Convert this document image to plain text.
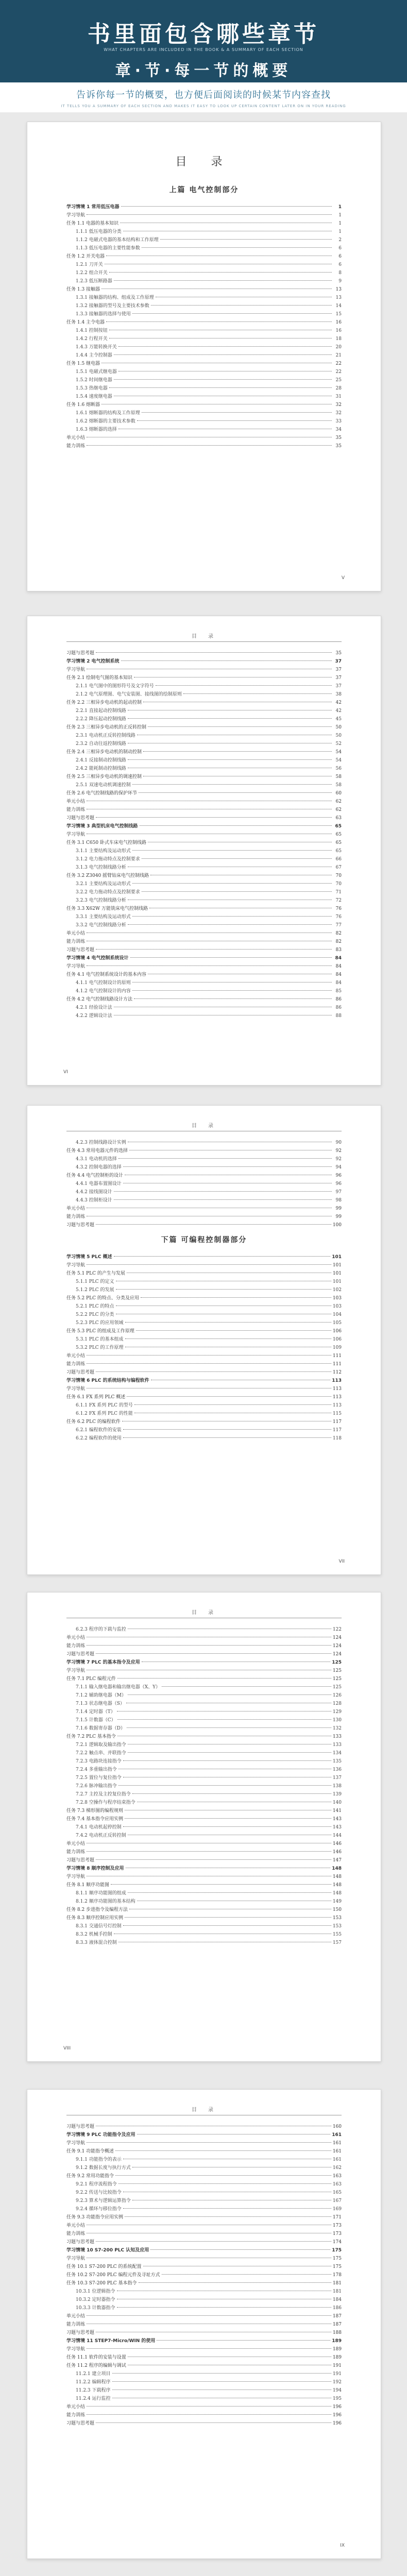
书里面包含哪些章节
WHAT CHAPTERS ARE INCLUDED IN THE BOOK & A SUMMARY OF EACH SECTION
章·节·每一节的概要
告诉你每一节的概要，也方便后面阅读的时候某节内容查找
IT TELLS YOU A SUMMARY OF EACH SECTION AND MAKES IT EASY TO LOOK UP CERTAIN CONTENT LATER ON IN YOUR READING
目 录
上篇 电气控制部分
学习情境 1 常用低压电器	1
学习导航	1
任务 1.1 电器的基本知识	1
1.1.1 低压电器的分类	1
1.1.2 电磁式电器的基本结构和工作原理	2
1.1.3 低压电器的主要性能参数	6
任务 1.2 开关电器	6
1.2.1 刀开关	6
1.2.2 组合开关	8
1.2.3 低压断路器	9
任务 1.3 接触器	13
1.3.1 接触器的结构、组成及工作原理	13
1.3.2 接触器的型号及主要技术参数	14
1.3.3 接触器的选择与使用	15
任务 1.4 主令电器	16
1.4.1 控制按钮	16
1.4.2 行程开关	18
1.4.3 万能转换开关	20
1.4.4 主令控制器	21
任务 1.5 继电器	22
1.5.1 电磁式继电器	22
1.5.2 时间继电器	25
1.5.3 热继电器	28
1.5.4 速度继电器	31
任务 1.6 熔断器	32
1.6.1 熔断器的结构及工作原理	32
1.6.2 熔断器的主要技术参数	33
1.6.3 熔断器的选择	34
单元小结	35
能力训练	35
V
目　录
习题与思考题	35
学习情境 2 电气控制系统	37
学习导航	37
任务 2.1 绘制电气图的基本知识	37
2.1.1 电气图中的图形符号及文字符号	37
2.1.2 电气原理图、电气安装图、接线图的绘制原则	38
任务 2.2 三相异步电动机的起动控制	42
2.2.1 直接起动控制线路	42
2.2.2 降压起动控制线路	45
任务 2.3 三相异步电动机的正反转控制	50
2.3.1 电动机正反转控制线路	50
2.3.2 自动往返控制线路	52
任务 2.4 三相异步电动机的制动控制	54
2.4.1 反接制动控制线路	54
2.4.2 能耗制动控制线路	56
任务 2.5 三相异步电动机的调速控制	58
2.5.1 双速电动机调速控制	58
任务 2.6 电气控制线路的保护环节	60
单元小结	62
能力训练	62
习题与思考题	63
学习情境 3 典型机床电气控制线路	65
学习导航	65
任务 3.1 C650 卧式车床电气控制线路	65
3.1.1 主要结构及运动形式	65
3.1.2 电力拖动特点及控制要求	66
3.1.3 电气控制线路分析	67
任务 3.2 Z3040 摇臂钻床电气控制线路	70
3.2.1 主要结构及运动形式	70
3.2.2 电力拖动特点及控制要求	71
3.2.3 电气控制线路分析	72
任务 3.3 X62W 万能铣床电气控制线路	76
3.3.1 主要结构及运动形式	76
3.3.2 电气控制线路分析	77
单元小结	82
能力训练	82
习题与思考题	83
学习情境 4 电气控制系统设计	84
学习导航	84
任务 4.1 电气控制系统设计的基本内容	84
4.1.1 电气控制设计的原则	84
4.1.2 电气控制设计的内容	85
任务 4.2 电气控制线路设计方法	86
4.2.1 经验设计法	86
4.2.2 逻辑设计法	88
VI
目　录
4.2.3 控制线路设计实例	90
任务 4.3 常用电器元件的选择	92
4.3.1 电动机的选择	92
4.3.2 控制电器的选择	94
任务 4.4 电气控制柜的设计	96
4.4.1 电器布置图设计	96
4.4.2 接线图设计	97
4.4.3 控制柜设计	98
单元小结	99
能力训练	99
习题与思考题	100
下篇 可编程控制器部分
学习情境 5 PLC 概述	101
学习导航	101
任务 5.1 PLC 的产生与发展	101
5.1.1 PLC 的定义	101
5.1.2 PLC 的发展	102
任务 5.2 PLC 的特点、分类及应用	103
5.2.1 PLC 的特点	103
5.2.2 PLC 的分类	104
5.2.3 PLC 的应用领域	105
任务 5.3 PLC 的组成及工作原理	106
5.3.1 PLC 的基本组成	106
5.3.2 PLC 的工作原理	109
单元小结	111
能力训练	111
习题与思考题	112
学习情境 6 PLC 的系统结构与编程软件	113
学习导航	113
任务 6.1 FX 系列 PLC 概述	113
6.1.1 FX 系列 PLC 的型号	113
6.1.2 FX 系列 PLC 的性能	115
任务 6.2 PLC 的编程软件	117
6.2.1 编程软件的安装	117
6.2.2 编程软件的使用	118
VII
目　录
6.2.3 程序的下载与监控	122
单元小结	124
能力训练	124
习题与思考题	124
学习情境 7 PLC 的基本指令及应用	125
学习导航	125
任务 7.1 PLC 编程元件	125
7.1.1 输入继电器和输出继电器（X、Y）	125
7.1.2 辅助继电器（M）	126
7.1.3 状态继电器（S）	128
7.1.4 定时器（T）	129
7.1.5 计数器（C）	130
7.1.6 数据寄存器（D）	132
任务 7.2 PLC 基本指令	133
7.2.1 逻辑取及输出指令	133
7.2.2 触点串、并联指令	134
7.2.3 电路块连接指令	135
7.2.4 多重输出指令	136
7.2.5 置位与复位指令	137
7.2.6 脉冲输出指令	138
7.2.7 主控及主控复位指令	139
7.2.8 空操作与程序结束指令	140
任务 7.3 梯形图的编程规则	141
任务 7.4 基本指令应用实例	143
7.4.1 电动机起停控制	143
7.4.2 电动机正反转控制	144
单元小结	146
能力训练	146
习题与思考题	147
学习情境 8 顺序控制及应用	148
学习导航	148
任务 8.1 顺序功能图	148
8.1.1 顺序功能图的组成	148
8.1.2 顺序功能图的基本结构	149
任务 8.2 步进指令及编程方法	150
任务 8.3 顺序控制应用实例	153
8.3.1 交通信号灯控制	153
8.3.2 机械手控制	155
8.3.3 液体混合控制	157
VIII
目　录
习题与思考题	160
学习情境 9 PLC 功能指令及应用	161
学习导航	161
任务 9.1 功能指令概述	161
9.1.1 功能指令的表示	161
9.1.2 数据长度与执行方式	162
任务 9.2 常用功能指令	163
9.2.1 程序流程指令	163
9.2.2 传送与比较指令	165
9.2.3 算术与逻辑运算指令	167
9.2.4 循环与移位指令	169
任务 9.3 功能指令应用实例	171
单元小结	173
能力训练	173
习题与思考题	174
学习情境 10 S7-200 PLC 认知及应用	175
学习导航	175
任务 10.1 S7-200 PLC 的系统配置	175
任务 10.2 S7-200 PLC 编程元件及寻址方式	178
任务 10.3 S7-200 PLC 基本指令	181
10.3.1 位逻辑指令	181
10.3.2 定时器指令	184
10.3.3 计数器指令	186
单元小结	187
能力训练	187
习题与思考题	188
学习情境 11 STEP7-Micro/WIN 的使用	189
学习导航	189
任务 11.1 软件的安装与设置	189
任务 11.2 程序的编辑与调试	191
11.2.1 建立项目	191
11.2.2 编辑程序	192
11.2.3 下载程序	194
11.2.4 运行监控	195
单元小结	196
能力训练	196
习题与思考题	196
IX
